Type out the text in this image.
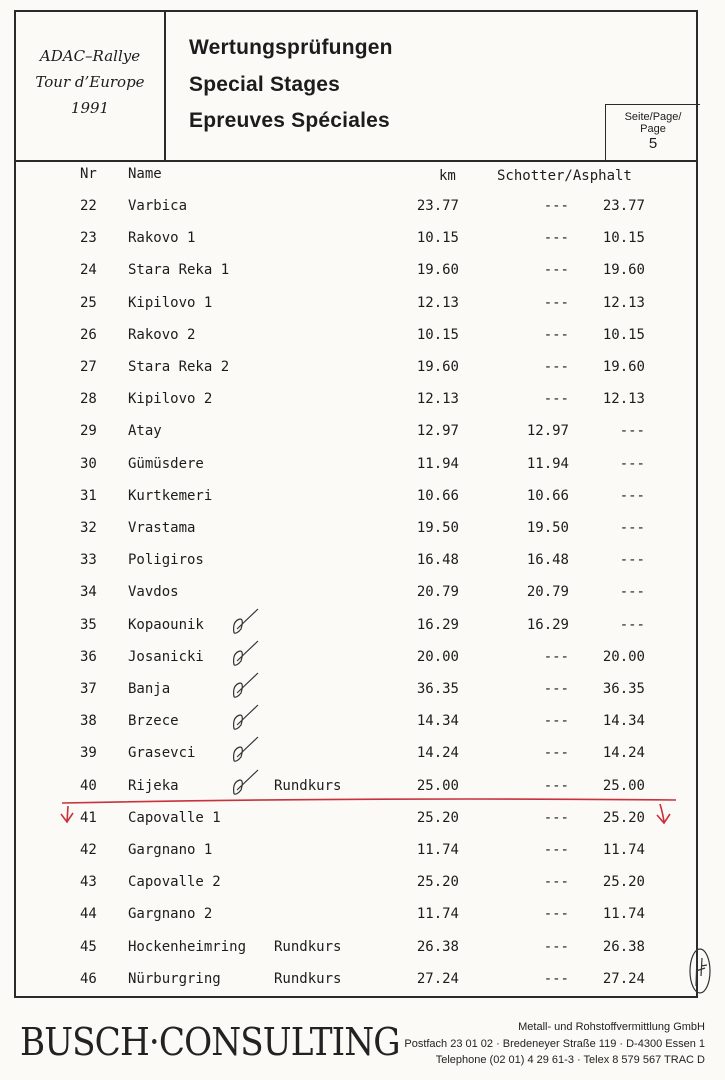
ADAC–Rallye
Tour d’Europe
1991
Wertungsprüfungen
Special Stages
Epreuves Spéciales	Seite/Page/
Page
5
Nr Name	km	Schotter/Asphalt
22 Varbica	23.77	--- 23.77
23 Rakovo 1	10.15	--- 10.15
24 Stara Reka 1	19.60	--- 19.60
25 Kipilovo 1	12.13	--- 12.13
26 Rakovo 2	10.15	--- 10.15
27 Stara Reka 2	19.60	--- 19.60
28 Kipilovo 2	12.13	--- 12.13
29 Atay	12.97	12.97	---
30 Gümüsdere	11.94	11.94	---
31 Kurtkemeri	10.66	10.66	---
32 Vrastama	19.50	19.50	---
33 Poligiros	16.48	16.48	---
34 Vavdos	20.79	20.79	---
35 Kopaounik	16.29	16.29	---
36 Josanicki	20.00	--- 20.00
37 Banja	36.35	--- 36.35
38 Brzece	14.34	--- 14.34
39 Grasevci	14.24	--- 14.24
40 Rijeka	Rundkurs	25.00	--- 25.00
41 Capovalle 1	25.20	--- 25.20
42 Gargnano 1	11.74	--- 11.74
43 Capovalle 2	25.20	--- 25.20
44 Gargnano 2	11.74	--- 11.74
45 Hockenheimring Rundkurs	26.38	--- 26.38
46 Nürburgring	Rundkurs	27.24	--- 27.24
BUSCH·CONSULTING	Metall- und Rohstoffvermittlung GmbH
Postfach 23 01 02 · Bredeneyer Straße 119 · D-4300 Essen 1
Telephone (02 01) 4 29 61-3 · Telex 8 579 567 TRAC D
